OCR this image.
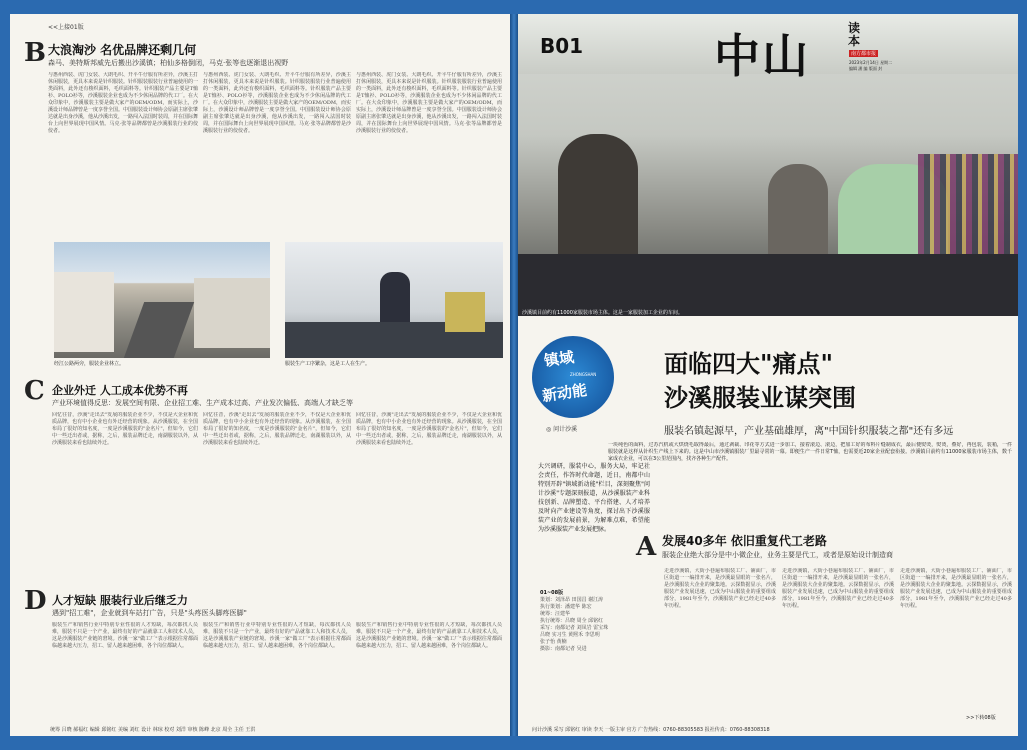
<<上接01版
B 大浪淘沙 名优品牌还剩几何
森马、美特斯邦威先后搬出沙溪镇；柏仙多格倒闭，马克·张等也逐渐退出视野
与惠州西装、虎门女装、大朗毛织、开平牛仔服有所差异，沙溪主打休闲服装，更具本来说是针织服装。针织服装服装行业普遍使用的一类面料，此外还有梭织面料，毛织面料等。针织服装产品主要是T恤衫、POLO衫等，沙溪服装企业也成为不少休闲品牌的代工厂。在大众印象中，沙溪服装主要是做大家产的OEM/ODM，而实际上，沙溪设计师品牌曾是一度享誉全国。中国服装设计师协会原副主席张肇达就是出身沙溪，他从沙溪出发，一路闯入法国时装周，并在国际舞台上向世界展现中国风情。马克·张等品牌都曾是沙溪服装行业的佼佼者。
与惠州西装、虎门女装、大朗毛织、开平牛仔服有所差异，沙溪主打休闲服装，更具本来说是针织服装。针织服装服装行业普遍使用的一类面料，此外还有梭织面料，毛织面料等。针织服装产品主要是T恤衫、POLO衫等，沙溪服装企业也成为不少休闲品牌的代工厂。在大众印象中，沙溪服装主要是做大家产的OEM/ODM，而实际上，沙溪设计师品牌曾是一度享誉全国。中国服装设计师协会原副主席张肇达就是出身沙溪，他从沙溪出发，一路闯入法国时装周，并在国际舞台上向世界展现中国风情。马克·张等品牌都曾是沙溪服装行业的佼佼者。
与惠州西装、虎门女装、大朗毛织、开平牛仔服有所差异，沙溪主打休闲服装，更具本来说是针织服装。针织服装服装行业普遍使用的一类面料，此外还有梭织面料，毛织面料等。针织服装产品主要是T恤衫、POLO衫等，沙溪服装企业也成为不少休闲品牌的代工厂。在大众印象中，沙溪服装主要是做大家产的OEM/ODM，而实际上，沙溪设计师品牌曾是一度享誉全国。中国服装设计师协会原副主席张肇达就是出身沙溪，他从沙溪出发，一路闯入法国时装周，并在国际舞台上向世界展现中国风情。马克·张等品牌都曾是沙溪服装行业的佼佼者。
经江公路两旁，服装企业林立。	服装生产工序繁杂，这是工人在生产。
C 企业外迁 人工成本优势不再
产业环境值得反思：发展空间有限、企业招工难、生产成本过高、产业发次偏低、高端人才缺乏等
回忆往昔，沙溪"走出去"发展的服装企业不少，不仅是大企业和优质品牌，也有中小企业也有外迁经营的现象。从沙溪服装，在全国布局了很好的知名度，一度是沙溪服装的"金名片"，但如今，它们中一些迁出者或，据称，之后，服装品牌迁走，南湖服装以外，从沙溪服装来看也陆续外迁。
回忆往昔，沙溪"走出去"发展的服装企业不少，不仅是大企业和优质品牌，也有中小企业也有外迁经营的现象。从沙溪服装，在全国布局了很好的知名度，一度是沙溪服装的"金名片"，但如今，它们中一些迁出者或，据称，之后，服装品牌迁走，南湖服装以外，从沙溪服装来看也陆续外迁。
回忆往昔，沙溪"走出去"发展的服装企业不少，不仅是大企业和优质品牌，也有中小企业也有外迁经营的现象。从沙溪服装，在全国布局了很好的知名度，一度是沙溪服装的"金名片"，但如今，它们中一些迁出者或，据称，之后，服装品牌迁走，南湖服装以外，从沙溪服装来看也陆续外迁。
D 人才短缺 服装行业后继乏力
遇到"招工难"，企业就到车站打广告，只是"头疼医头脚疼医脚"
服装生产和销售行业中特别专业性很的人才短缺，每次都找人员难，服装不只是一个产业，最终有好的产品就靠工人和技术人员，这是沙溪服装产业链的窘境。沙溪一家"做工厂"表示根据往常都面临越来越大压力，招工、留人越来越困难，各个岗位都缺人。
服装生产和销售行业中特别专业性很的人才短缺，每次都找人员难，服装不只是一个产业，最终有好的产品就靠工人和技术人员，这是沙溪服装产业链的窘境。沙溪一家"做工厂"表示根据往常都面临越来越大压力，招工、留人越来越困难，各个岗位都缺人。
服装生产和销售行业中特别专业性很的人才短缺，每次都找人员难，服装不只是一个产业，最终有好的产品就靠工人和技术人员，这是沙溪服装产业链的窘境。沙溪一家"做工厂"表示根据往常都面临越来越大压力，招工、留人越来越困难，各个岗位都缺人。
统筹 吕晓 郝福红 编辑 邱铭红 美编 刘红 设计 林琼 校对 刘洋 审核 陈峰 北京 周全 主任 王洪
B01	中山
读本
南方都市报
2023年2月14日 星期二
编辑 潘 编 版面 封
沙溪镇目前约有11000家服装市场主体。这是一家服装加工企业的车间。
镇域
ZHONGSHAN
新动能
◎ 问计沙溪
面临四大"痛点"
沙溪服装业谋突围
服装名镇起源早，产业基础雄厚，离"中国针织服装之都"还有多远
一块纯色的面料，过苏汽机或大烘烧毛取得最后，通过剥裁、印花等方式进一步加工，接着滚边、滚边，把加工好的布料片缝制成衣，最后便熨烫，熨烫，叠好，再包装，装箱，一件服装就是这样从针织生产线上下来的。这是中山市沙溪镇服装厂里最寻常的一幕。即便生产一件日常T恤，也需要近20家企业配套衔接。沙溪镇目前约有11000家服装市场主体，数千家成衣企业，可以在3公里范围内，找齐各种生产配件。
大兴调研，服装中心，服务大局，牢记社会责任，作答时代命题，近日，南都中山特别开辟"镇域新动能"栏目，深刻聚焦"问计沙溪"专题深刻报道，从沙溪服装产业科技创新、品牌塑造、平台搭建、人才培养及时向产业建设等角度，探讨出下沙溪服装产业的发展前景，为解难点难，希望能为沙溪服装产业发展把脉。
01~08版
策划：刘泽昂 田国昌 谢江涛
执行策划：潘建华 陈宏
统筹：汪建华
执行统筹：吕晓 周全 邱铭红
采写：南都记者 刘凤岩 雷宝珠
吕晓 实习生 黄熙禾 李思明
张子怡 黄楠
摄影：南都记者 吴进
A 发展40多年 依旧重复代工老路
服装企业绝大部分是中小微企业，业务主要是代工，或者是原始设计制造商
走进沙溪镇，大街小巷遍布服装工厂、铺面厂，市区街道一一编排开来，是沙溪最显眼的一张名片，是沙溪服装大企业的聚集地。云探数据显示，沙溪服装产业发展迅速，已成为中山服装业的重要组成部分，1981年至今，沙溪服装产业已经走过40多年历程。
走进沙溪镇，大街小巷遍布服装工厂、铺面厂，市区街道一一编排开来，是沙溪最显眼的一张名片，是沙溪服装大企业的聚集地。云探数据显示，沙溪服装产业发展迅速，已成为中山服装业的重要组成部分，1981年至今，沙溪服装产业已经走过40多年历程。
走进沙溪镇，大街小巷遍布服装工厂、铺面厂，市区街道一一编排开来，是沙溪最显眼的一张名片，是沙溪服装大企业的聚集地。云探数据显示，沙溪服装产业发展迅速，已成为中山服装业的重要组成部分，1981年至今，沙溪服装产业已经走过40多年历程。
>>下转08版
问计沙溪 采写 邱铭红 审读 李天 一版主审 官方 广告热线：0760-88305583 报社传真：0760-88308318
